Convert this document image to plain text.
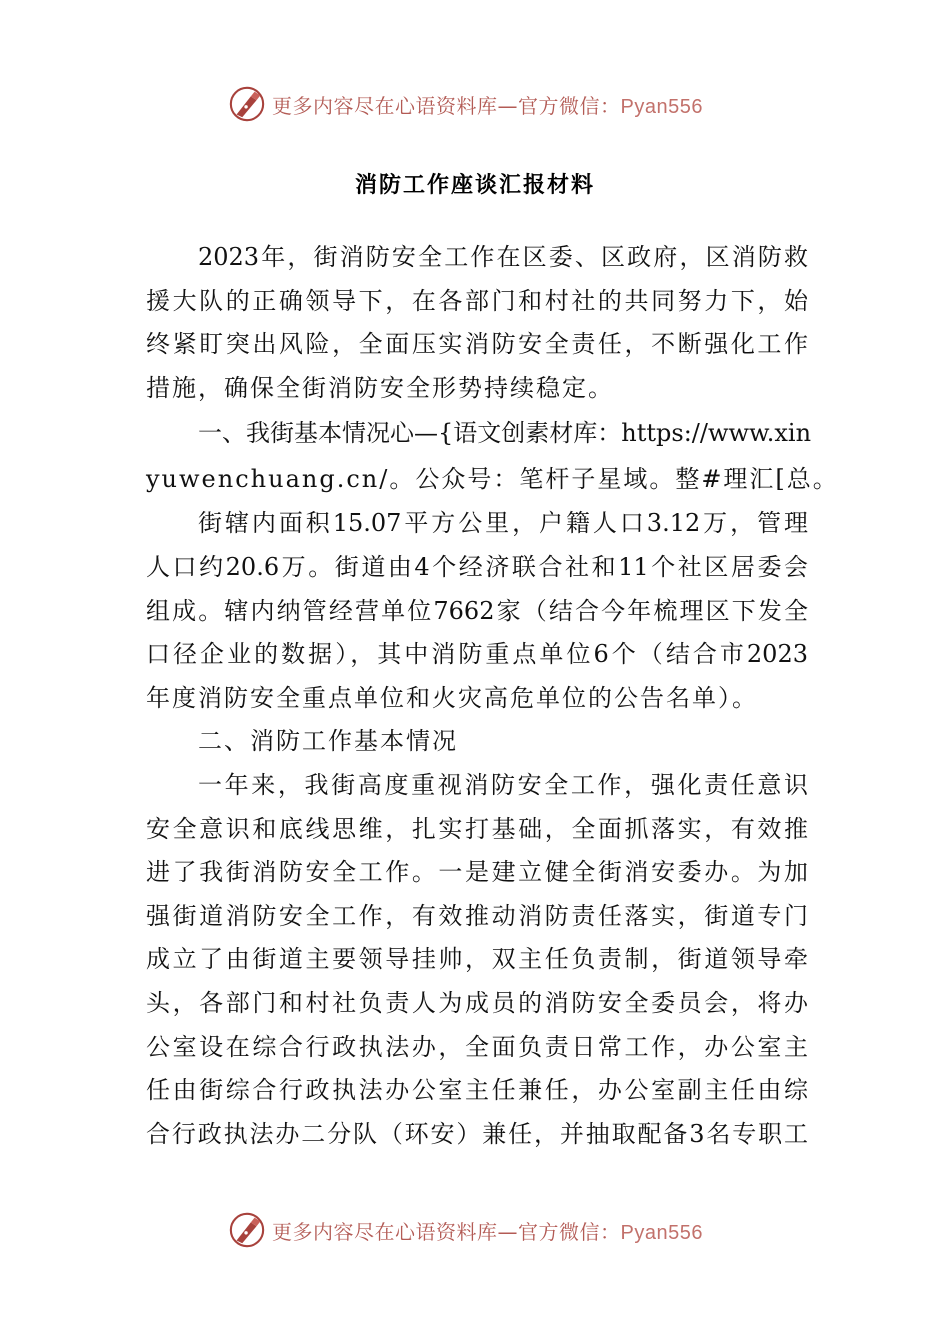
更多内容尽在心语资料库—官方微信：Pyan556
消防工作座谈汇报材料
2023年，街消防安全工作在区委、区政府，区消防救
援大队的正确领导下，在各部门和村社的共同努力下，始
终紧盯突出风险，全面压实消防安全责任，不断强化工作
措施，确保全街消防安全形势持续稳定。
一、我街基本情况心—{语文创素材库：https://www.xin
yuwenchuang.cn/。公众号：笔杆子星域。整#理汇[总。
街辖内面积15.07平方公里，户籍人口3.12万，管理
人口约20.6万。街道由4个经济联合社和11个社区居委会
组成。辖内纳管经营单位7662家（结合今年梳理区下发全
口径企业的数据），其中消防重点单位6个（结合市2023
年度消防安全重点单位和火灾高危单位的公告名单）。
二、消防工作基本情况
一年来，我街高度重视消防安全工作，强化责任意识
安全意识和底线思维，扎实打基础，全面抓落实，有效推
进了我街消防安全工作。一是建立健全街消安委办。为加
强街道消防安全工作，有效推动消防责任落实，街道专门
成立了由街道主要领导挂帅，双主任负责制，街道领导牵
头，各部门和村社负责人为成员的消防安全委员会，将办
公室设在综合行政执法办，全面负责日常工作，办公室主
任由街综合行政执法办公室主任兼任，办公室副主任由综
合行政执法办二分队（环安）兼任，并抽取配备3名专职工
更多内容尽在心语资料库—官方微信：Pyan556
